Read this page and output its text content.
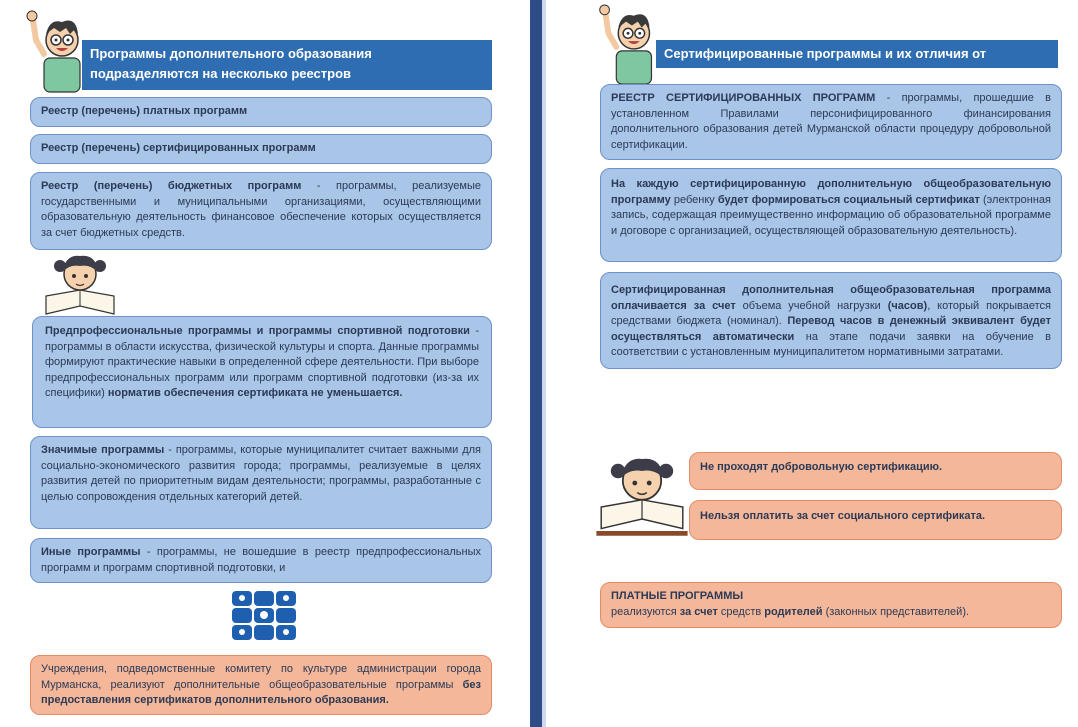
Программы дополнительного образования подразделяются на несколько реестров
Реестр (перечень) платных программ
Реестр (перечень) сертифицированных программ
Реестр (перечень) бюджетных программ - программы, реализуемые государственными и муниципальными организациями, осуществляющими образовательную деятельность финансовое обеспечение которых осуществляется за счет бюджетных средств.
Предпрофессиональные программы и программы спортивной подготовки - программы в области искусства, физической культуры и спорта. Данные программы формируют практические навыки в определенной сфере деятельности. При выборе предпрофессиональных программ или программ спортивной подготовки (из-за их специфики) норматив обеспечения сертификата не уменьшается.
Значимые программы - программы, которые муниципалитет считает важными для социально-экономического развития города; программы, реализуемые в целях развития детей по приоритетным видам деятельности; программы, разработанные с целью сопровождения отдельных категорий детей.
Иные программы - программы, не вошедшие в реестр предпрофессиональных программ и программ спортивной подготовки, и
Учреждения, подведомственные комитету по культуре администрации города Мурманска, реализуют дополнительные общеобразовательные программы без предоставления сертификатов дополнительного образования.
Сертифицированные программы и их отличия от платных?
РЕЕСТР СЕРТИФИЦИРОВАННЫХ ПРОГРАММ - программы, прошедшие в установленном Правилами персонифицированного финансирования дополнительного образования детей Мурманской области процедуру добровольной сертификации.
На каждую сертифицированную дополнительную общеобразовательную программу ребенку будет формироваться социальный сертификат (электронная запись, содержащая преимущественно информацию об образовательной программе и договоре с организацией, осуществляющей образовательную деятельность).
Сертифицированная дополнительная общеобразовательная программа оплачивается за счет объема учебной нагрузки (часов), который покрывается средствами бюджета (номинал). Перевод часов в денежный эквивалент будет осуществляться автоматически на этапе подачи заявки на обучение в соответствии с установленным муниципалитетом нормативными затратами.
Не проходят добровольную сертификацию.
Нельзя оплатить за счет социального сертификата.
ПЛАТНЫЕ ПРОГРАММЫ
реализуются за счет средств родителей (законных представителей).
